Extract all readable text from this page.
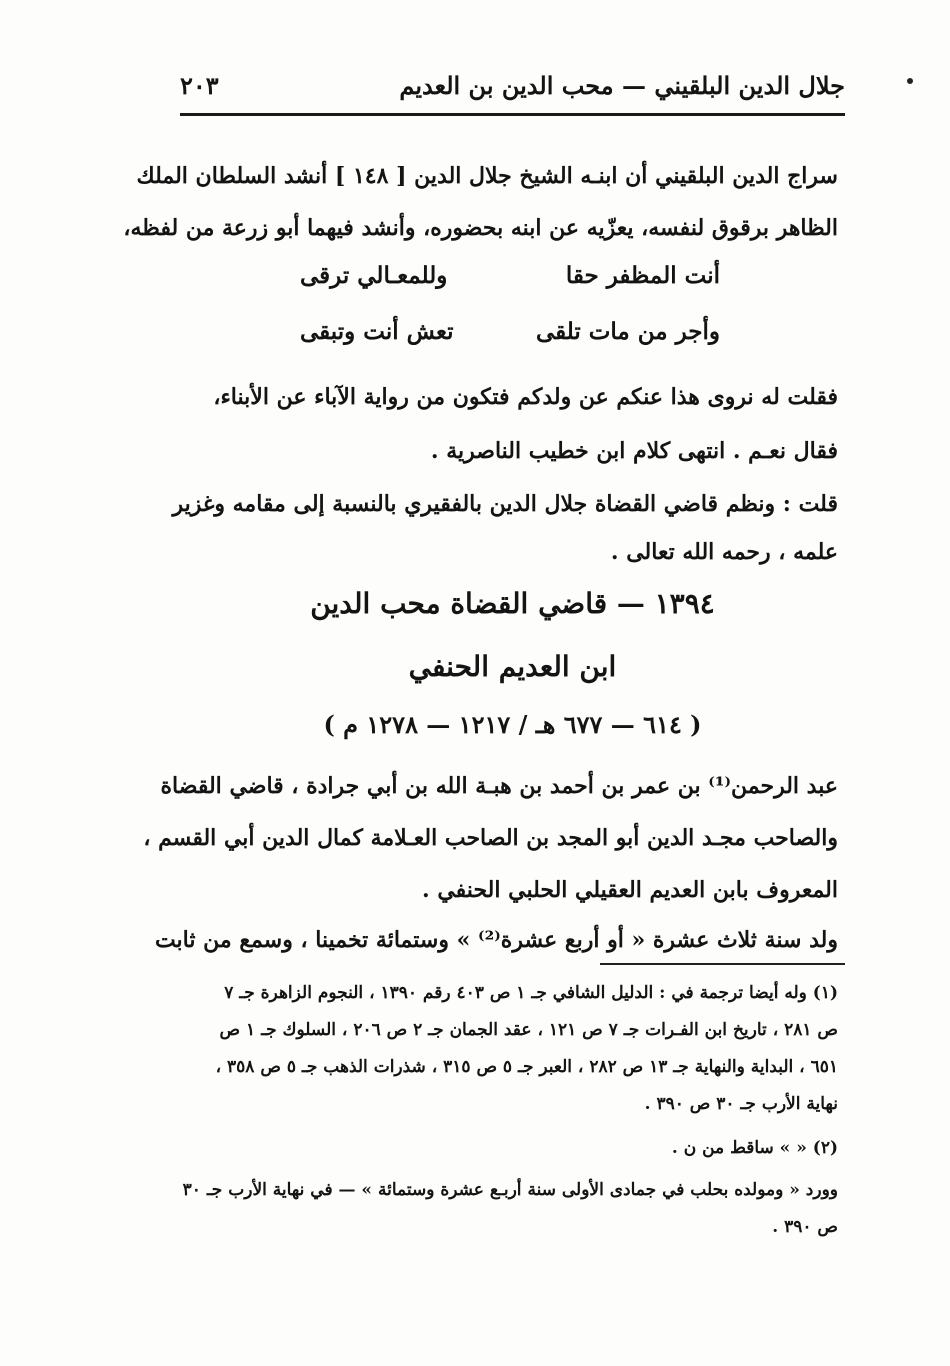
جلال الدين البلقيني — محب الدين بن العديم
٢٠٣
سراج الدين البلقيني أن ابنـه الشيخ جلال الدين [ ١٤٨ ] أنشد السلطان الملك
الظاهر برقوق لنفسه، يعزّيه عن ابنه بحضوره، وأنشد فيهما أبو زرعة من لفظه،
أنت المظفر حقا
وللمعـالي ترقى
وأجر من مات تلقى
تعش أنت وتبقى
فقلت له نروى هذا عنكم عن ولدكم فتكون من رواية الآباء عن الأبناء،
فقال نعـم . انتهى كلام ابن خطيب الناصرية .
قلت : ونظم قاضي القضاة جلال الدين بالفقيري بالنسبة إلى مقامه وغزير
علمه ، رحمه الله تعالى .
١٣٩٤ — قاضي القضاة محب الدين
ابن العديم الحنفي
( ٦١٤ — ٦٧٧ هـ / ١٢١٧ — ١٢٧٨ م )
عبد الرحمن⁽¹⁾ بن عمر بن أحمد بن هبـة الله بن أبي جرادة ، قاضي القضاة
والصاحب مجـد الدين أبو المجد بن الصاحب العـلامة كمال الدين أبي القسم ،
المعروف بابن العديم العقيلي الحلبي الحنفي .
ولد سنة ثلاث عشرة « أو أربع عشرة⁽²⁾ » وستمائة تخمينا ، وسمع من ثابت
(١) وله أيضا ترجمة في : الدليل الشافي جـ ١ ص ٤٠٣ رقم ١٣٩٠ ، النجوم الزاهرة جـ ٧
ص ٢٨١ ، تاريخ ابن الفـرات جـ ٧ ص ١٢١ ، عقد الجمان جـ ٢ ص ٢٠٦ ، السلوك جـ ١ ص
٦٥١ ، البداية والنهاية جـ ١٣ ص ٢٨٢ ، العبر جـ ٥ ص ٣١٥ ، شذرات الذهب جـ ٥ ص ٣٥٨ ،
نهاية الأرب جـ ٣٠ ص ٣٩٠ .
(٢) « » ساقط من ن .
وورد « ومولده بحلب في جمادى الأولى سنة أربـع عشرة وستمائة » — في نهاية الأرب جـ ٣٠
ص ٣٩٠ .
